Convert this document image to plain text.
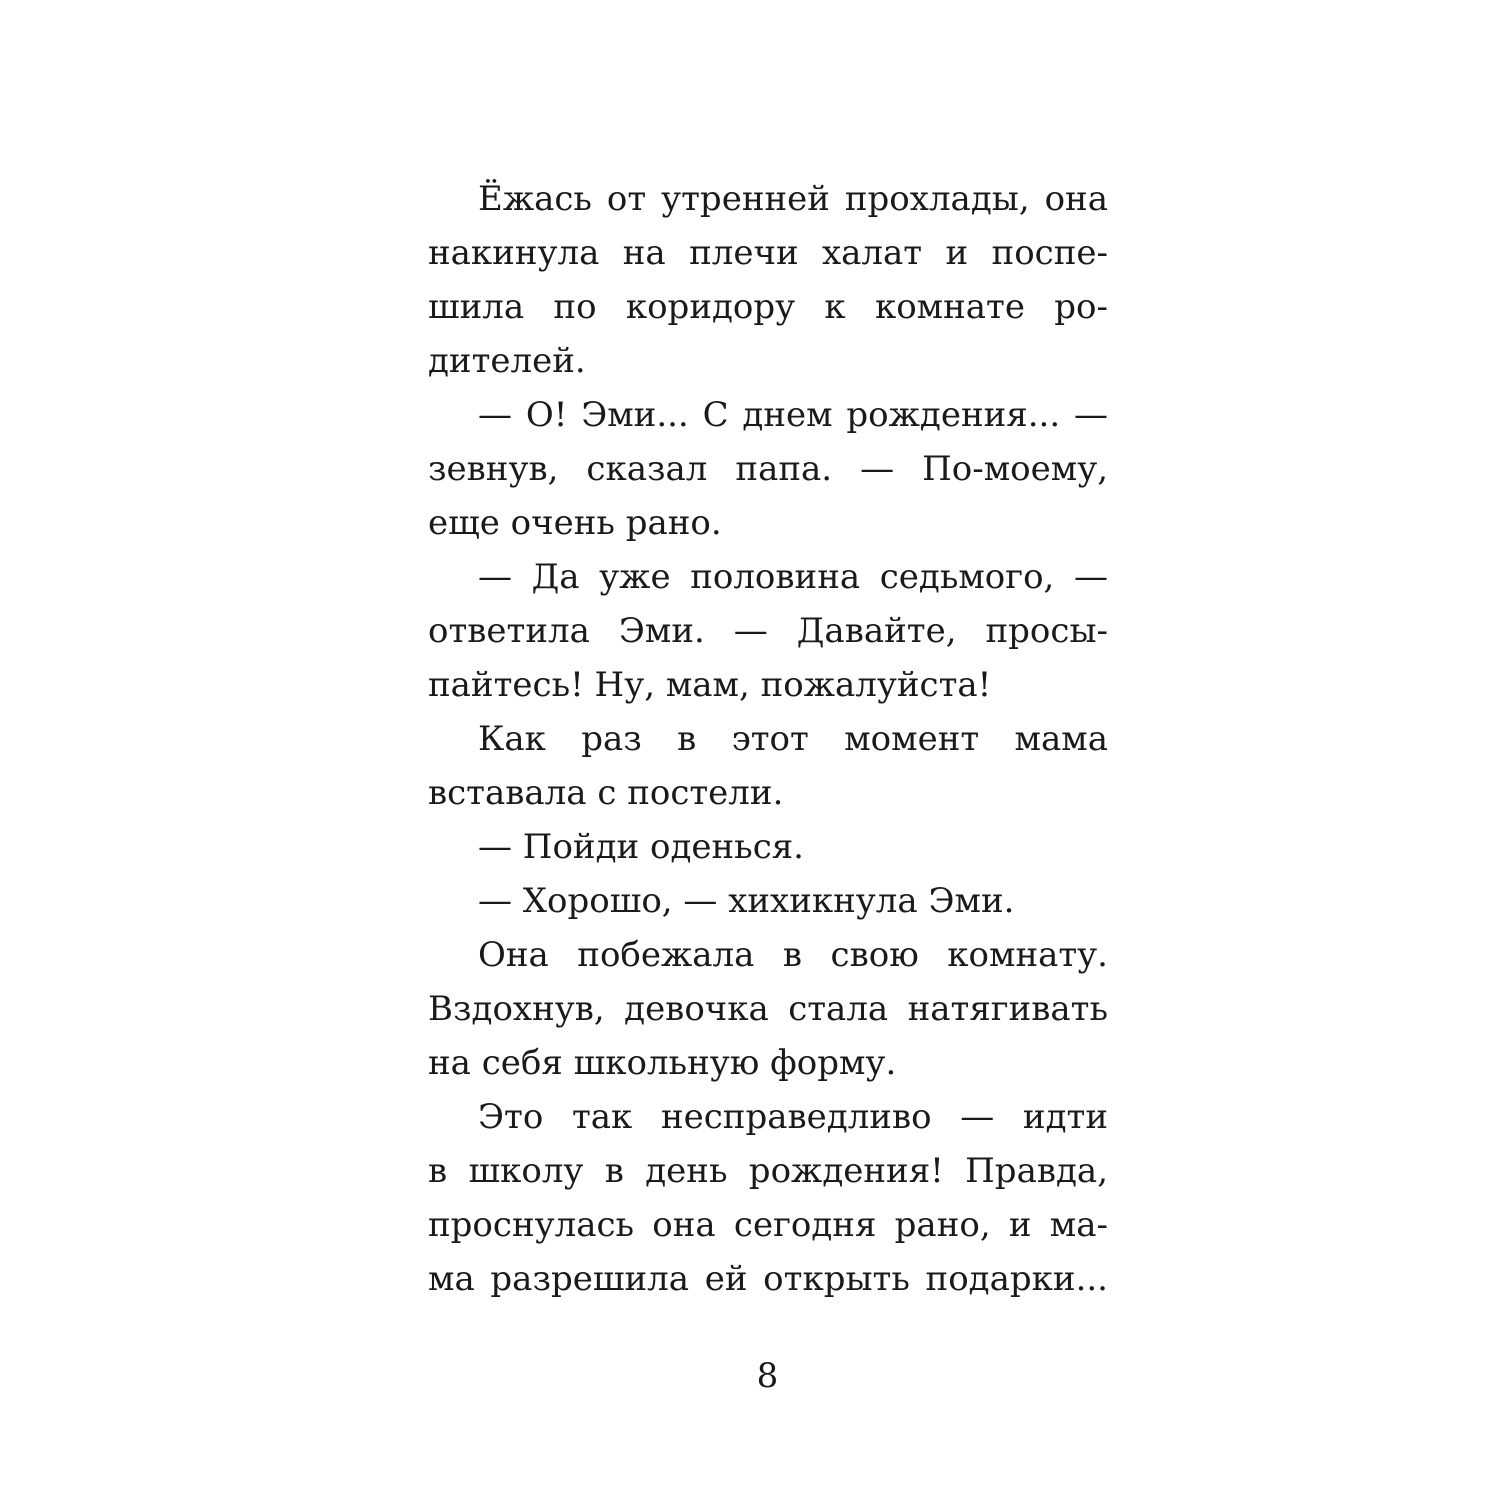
Ёжась от утренней прохлады, она
накинула на плечи халат и поспе-
шила по коридору к комнате ро-
дителей.
— О! Эми... С днем рождения... —
зевнув, сказал папа. — По-моему,
еще очень рано.
— Да уже половина седьмого, —
ответила Эми. — Давайте, просы-
пайтесь! Ну, мам, пожалуйста!
Как раз в этот момент мама
вставала с постели.
— Пойди оденься.
— Хорошо, — хихикнула Эми.
Она побежала в свою комнату.
Вздохнув, девочка стала натягивать
на себя школьную форму.
Это так несправедливо — идти
в школу в день рождения! Правда,
проснулась она сегодня рано, и ма-
ма разрешила ей открыть подарки...
8
